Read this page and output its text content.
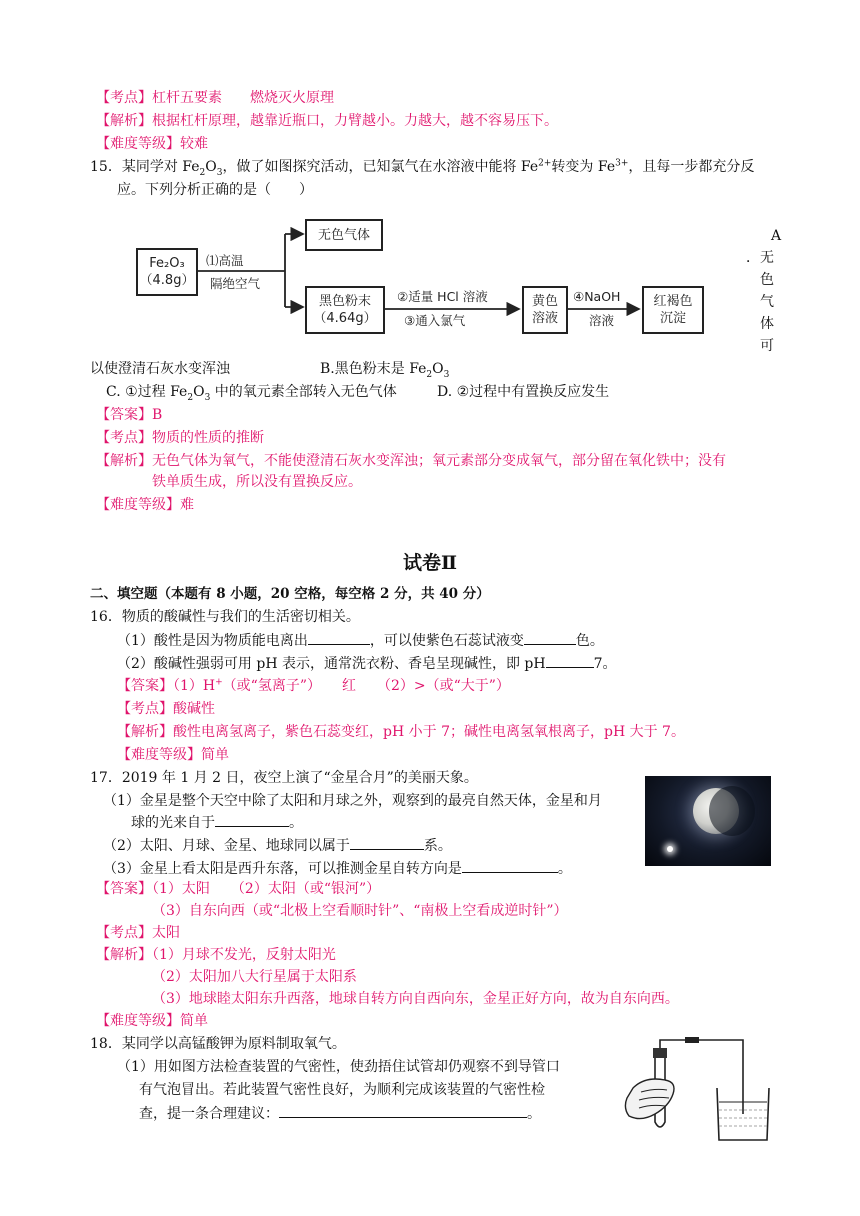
【考点】杠杆五要素　　燃烧灭火原理
【解析】根据杠杆原理，越靠近瓶口，力臂越小。力越大，越不容易压下。
【难度等级】较难
15．某同学对 $Fe_2O_3$，做了如图探究活动，已知氯气在水溶液中能将 $Fe^{2+}$转变为 $Fe^{3+}$，且每一步都充分反
应。下列分析正确的是（　　）
Fe₂O₃
（4.8g）
⑴高温
隔绝空气
无色气体
黑色粉末
（4.64g）
②适量 HCl 溶液
③通入氯气
黄色
溶液
④NaOH
溶液
红褐色
沉淀
A
．无
色
气
体
可
以使澄清石灰水变浑浊	B.黑色粉末是 $Fe_2O_3$
C. ①过程 $Fe_2O_3$ 中的氧元素全部转入无色气体	D. ②过程中有置换反应发生
【答案】B
【考点】物质的性质的推断
【解析】无色气体为氧气，不能使澄清石灰水变浑浊；氧元素部分变成氧气，部分留在氧化铁中；没有
铁单质生成，所以没有置换反应。
【难度等级】难
试卷Ⅱ
二、填空题（本题有 8 小题，20 空格，每空格 2 分，共 40 分）
16．物质的酸碱性与我们的生活密切相关。
（1）酸性是因为物质能电离出	，可以使紫色石蕊试液变	色。
（2）酸碱性强弱可用 pH 表示，通常洗衣粉、香皂呈现碱性，即 pH	7。
【答案】（1）H+（或“氢离子”）　　红　　（2）>（或“大于”）
【考点】酸碱性
【解析】酸性电离氢离子，紫色石蕊变红，pH 小于 7；碱性电离氢氧根离子，pH 大于 7。
【难度等级】简单
17．2019 年 1 月 2 日，夜空上演了“金星合月”的美丽天象。
（1）金星是整个天空中除了太阳和月球之外，观察到的最亮自然天体，金星和月
球的光来自于	。
（2）太阳、月球、金星、地球同以属于	系。
（3）金星上看太阳是西升东落，可以推测金星自转方向是	。
【答案】（1）太阳　　（2）太阳（或“银河”）
（3）自东向西（或“北极上空看顺时针”、“南极上空看成逆时针”）
【考点】太阳
【解析】（1）月球不发光，反射太阳光
（2）太阳加八大行星属于太阳系
（3）地球睦太阳东升西落，地球自转方向自西向东，金星正好方向，故为自东向西。
【难度等级】简单
18．某同学以高锰酸钾为原料制取氧气。
（1）用如图方法检查装置的气密性，使劲捂住试管却仍观察不到导管口
有气泡冒出。若此装置气密性良好，为顺利完成该装置的气密性检
查，提一条合理建议：	。
